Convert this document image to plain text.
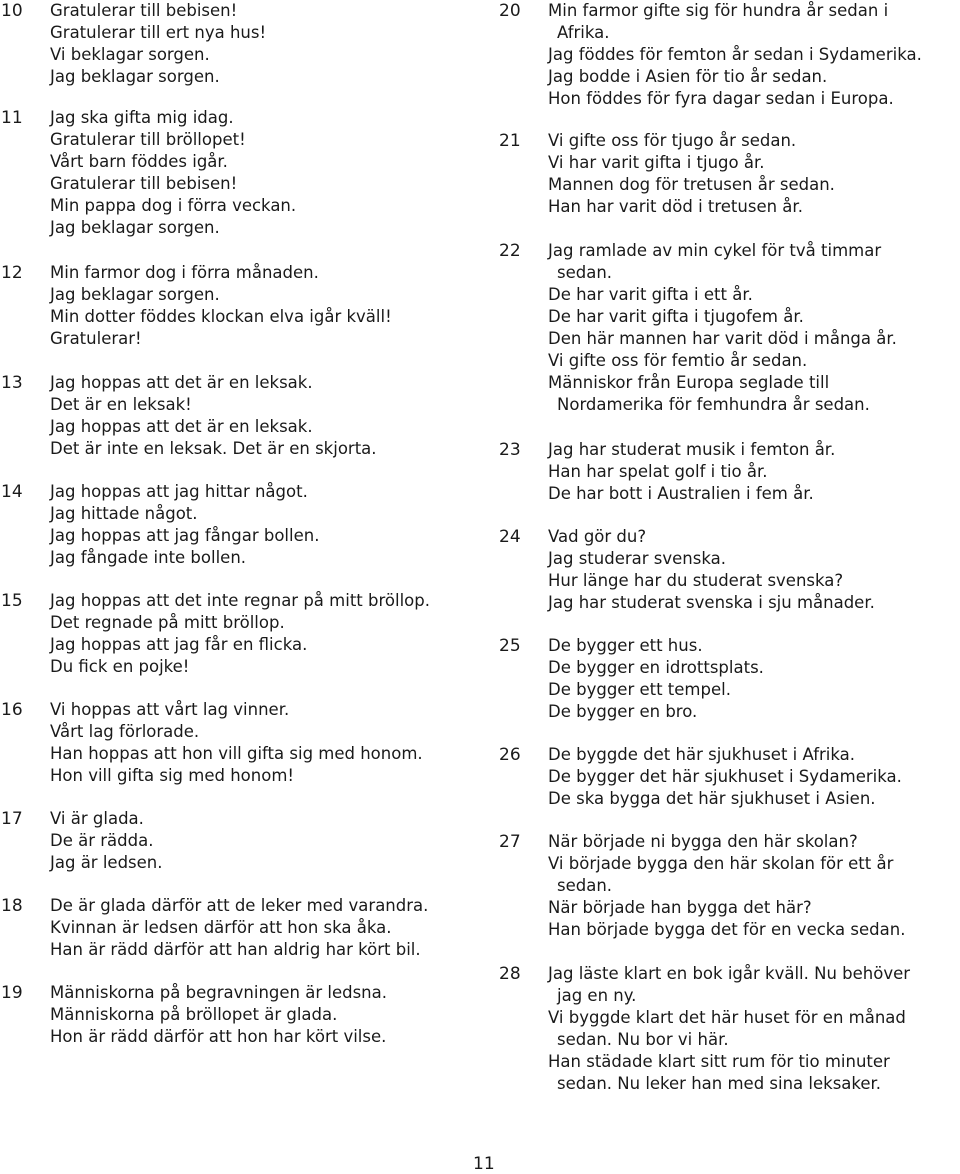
10 Gratulerar till bebisen!
Gratulerar till ert nya hus!
Vi beklagar sorgen.
Jag beklagar sorgen.
11 Jag ska gifta mig idag.
Gratulerar till bröllopet!
Vårt barn föddes igår.
Gratulerar till bebisen!
Min pappa dog i förra veckan.
Jag beklagar sorgen.
12 Min farmor dog i förra månaden.
Jag beklagar sorgen.
Min dotter föddes klockan elva igår kväll!
Gratulerar!
13 Jag hoppas att det är en leksak.
Det är en leksak!
Jag hoppas att det är en leksak.
Det är inte en leksak. Det är en skjorta.
14 Jag hoppas att jag hittar något.
Jag hittade något.
Jag hoppas att jag fångar bollen.
Jag fångade inte bollen.
15 Jag hoppas att det inte regnar på mitt bröllop.
Det regnade på mitt bröllop.
Jag hoppas att jag får en flicka.
Du fick en pojke!
16 Vi hoppas att vårt lag vinner.
Vårt lag förlorade.
Han hoppas att hon vill gifta sig med honom.
Hon vill gifta sig med honom!
17 Vi är glada.
De är rädda.
Jag är ledsen.
18 De är glada därför att de leker med varandra.
Kvinnan är ledsen därför att hon ska åka.
Han är rädd därför att han aldrig har kört bil.
19 Människorna på begravningen är ledsna.
Människorna på bröllopet är glada.
Hon är rädd därför att hon har kört vilse.
20 Min farmor gifte sig för hundra år sedan i
Afrika.
Jag föddes för femton år sedan i Sydamerika.
Jag bodde i Asien för tio år sedan.
Hon föddes för fyra dagar sedan i Europa.
21 Vi gifte oss för tjugo år sedan.
Vi har varit gifta i tjugo år.
Mannen dog för tretusen år sedan.
Han har varit död i tretusen år.
22 Jag ramlade av min cykel för två timmar
sedan.
De har varit gifta i ett år.
De har varit gifta i tjugofem år.
Den här mannen har varit död i många år.
Vi gifte oss för femtio år sedan.
Människor från Europa seglade till
Nordamerika för femhundra år sedan.
23 Jag har studerat musik i femton år.
Han har spelat golf i tio år.
De har bott i Australien i fem år.
24 Vad gör du?
Jag studerar svenska.
Hur länge har du studerat svenska?
Jag har studerat svenska i sju månader.
25 De bygger ett hus.
De bygger en idrottsplats.
De bygger ett tempel.
De bygger en bro.
26 De byggde det här sjukhuset i Afrika.
De bygger det här sjukhuset i Sydamerika.
De ska bygga det här sjukhuset i Asien.
27 När började ni bygga den här skolan?
Vi började bygga den här skolan för ett år
sedan.
När började han bygga det här?
Han började bygga det för en vecka sedan.
28 Jag läste klart en bok igår kväll. Nu behöver
jag en ny.
Vi byggde klart det här huset för en månad
sedan. Nu bor vi här.
Han städade klart sitt rum för tio minuter
sedan. Nu leker han med sina leksaker.
11
